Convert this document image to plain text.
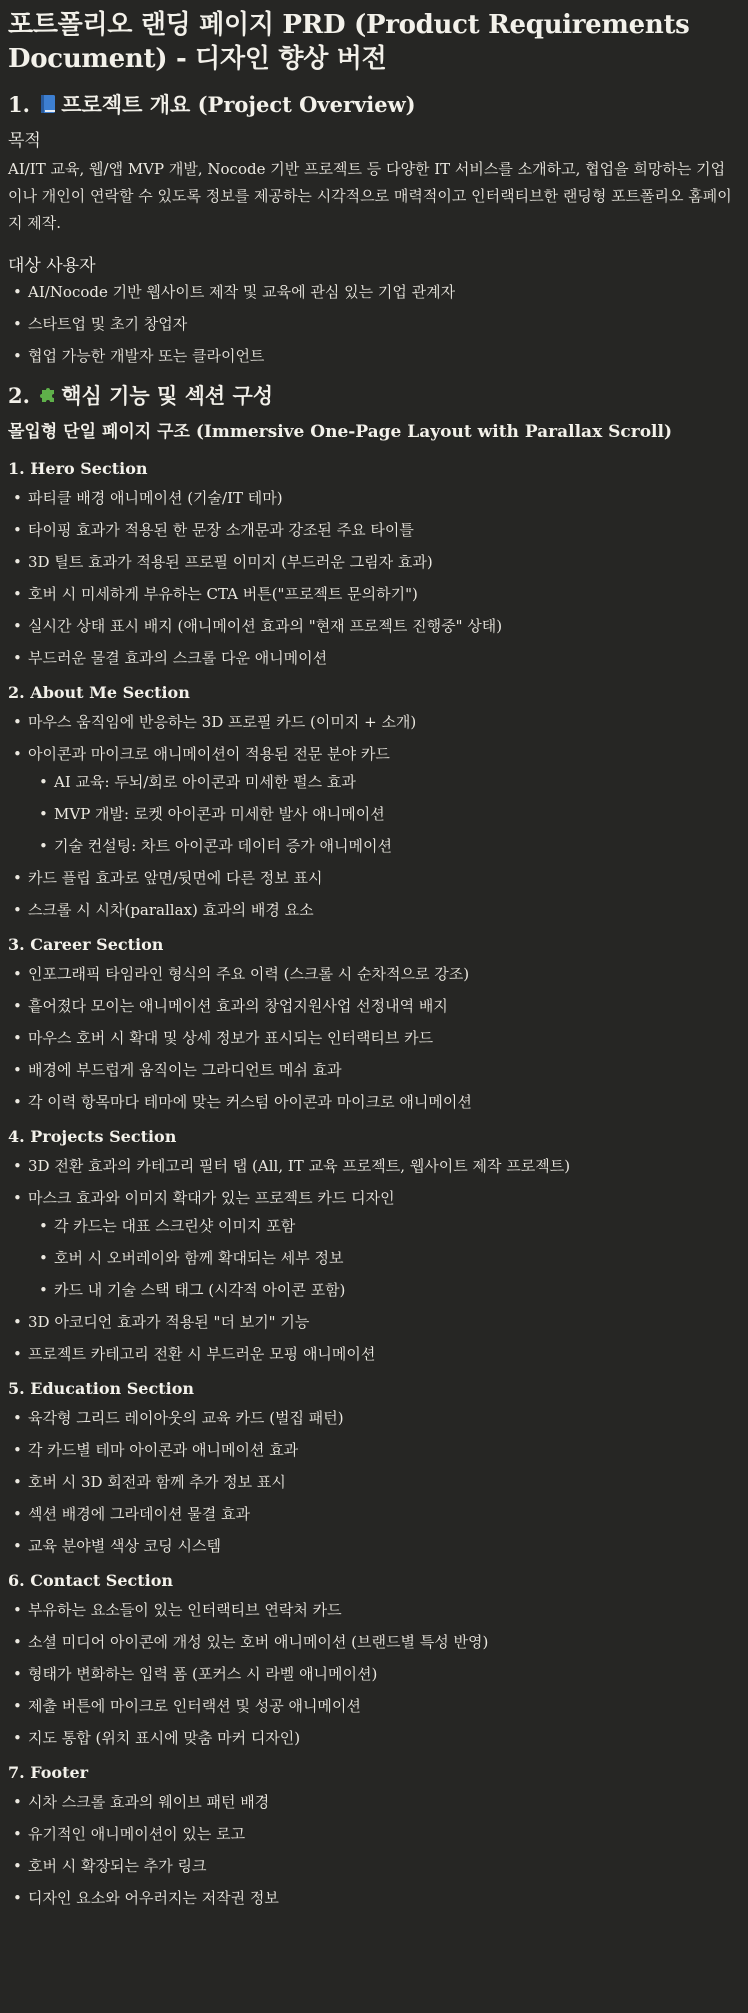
포트폴리오 랜딩 페이지 PRD (Product Requirements Document) - 디자인 향상 버전
1. 프로젝트 개요 (Project Overview)
목적

AI/IT 교육, 웹/앱 MVP 개발, Nocode 기반 프로젝트 등 다양한 IT 서비스를 소개하고, 협업을 희망하는 기업이나 개인이 연락할 수 있도록 정보를 제공하는 시각적으로 매력적이고 인터랙티브한 랜딩형 포트폴리오 홈페이지 제작.

대상 사용자
• AI/Nocode 기반 웹사이트 제작 및 교육에 관심 있는 기업 관계자
• 스타트업 및 초기 창업자
• 협업 가능한 개발자 또는 클라이언트
2. 핵심 기능 및 섹션 구성
몰입형 단일 페이지 구조 (Immersive One-Page Layout with Parallax Scroll)
1. Hero Section
• 파티클 배경 애니메이션 (기술/IT 테마)
• 타이핑 효과가 적용된 한 문장 소개문과 강조된 주요 타이틀
• 3D 틸트 효과가 적용된 프로필 이미지 (부드러운 그림자 효과)
• 호버 시 미세하게 부유하는 CTA 버튼("프로젝트 문의하기")
• 실시간 상태 표시 배지 (애니메이션 효과의 "현재 프로젝트 진행중" 상태)
• 부드러운 물결 효과의 스크롤 다운 애니메이션
2. About Me Section
• 마우스 움직임에 반응하는 3D 프로필 카드 (이미지 + 소개)
• 아이콘과 마이크로 애니메이션이 적용된 전문 분야 카드
• AI 교육: 두뇌/회로 아이콘과 미세한 펄스 효과
• MVP 개발: 로켓 아이콘과 미세한 발사 애니메이션
• 기술 컨설팅: 차트 아이콘과 데이터 증가 애니메이션
• 카드 플립 효과로 앞면/뒷면에 다른 정보 표시
• 스크롤 시 시차(parallax) 효과의 배경 요소
3. Career Section
• 인포그래픽 타임라인 형식의 주요 이력 (스크롤 시 순차적으로 강조)
• 흩어졌다 모이는 애니메이션 효과의 창업지원사업 선정내역 배지
• 마우스 호버 시 확대 및 상세 정보가 표시되는 인터랙티브 카드
• 배경에 부드럽게 움직이는 그라디언트 메쉬 효과
• 각 이력 항목마다 테마에 맞는 커스텀 아이콘과 마이크로 애니메이션
4. Projects Section
• 3D 전환 효과의 카테고리 필터 탭 (All, IT 교육 프로젝트, 웹사이트 제작 프로젝트)
• 마스크 효과와 이미지 확대가 있는 프로젝트 카드 디자인
• 각 카드는 대표 스크린샷 이미지 포함
• 호버 시 오버레이와 함께 확대되는 세부 정보
• 카드 내 기술 스택 태그 (시각적 아이콘 포함)
• 3D 아코디언 효과가 적용된 "더 보기" 기능
• 프로젝트 카테고리 전환 시 부드러운 모핑 애니메이션
5. Education Section
• 육각형 그리드 레이아웃의 교육 카드 (벌집 패턴)
• 각 카드별 테마 아이콘과 애니메이션 효과
• 호버 시 3D 회전과 함께 추가 정보 표시
• 섹션 배경에 그라데이션 물결 효과
• 교육 분야별 색상 코딩 시스템
6. Contact Section
• 부유하는 요소들이 있는 인터랙티브 연락처 카드
• 소셜 미디어 아이콘에 개성 있는 호버 애니메이션 (브랜드별 특성 반영)
• 형태가 변화하는 입력 폼 (포커스 시 라벨 애니메이션)
• 제출 버튼에 마이크로 인터랙션 및 성공 애니메이션
• 지도 통합 (위치 표시에 맞춤 마커 디자인)
7. Footer
• 시차 스크롤 효과의 웨이브 패턴 배경
• 유기적인 애니메이션이 있는 로고
• 호버 시 확장되는 추가 링크
• 디자인 요소와 어우러지는 저작권 정보
